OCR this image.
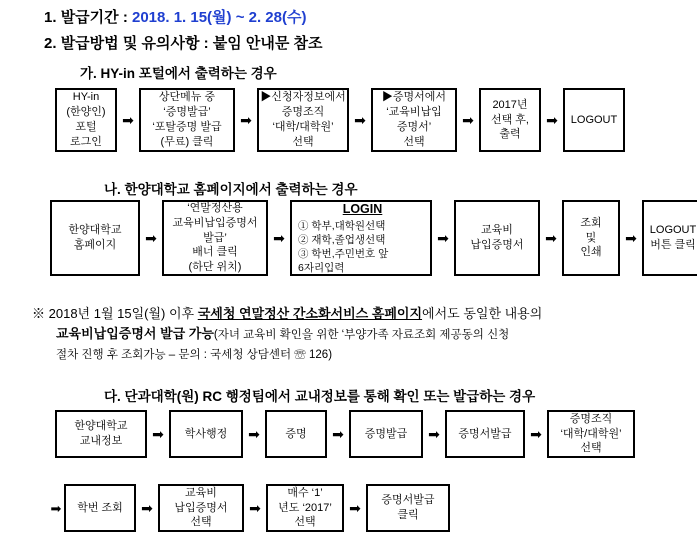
1. 발급기간 : 2018. 1. 15(월) ~ 2. 28(수)
2. 발급방법 및 유의사항 : 붙임 안내문 참조
가. HY-in 포털에서 출력하는 경우
나. 한양대학교 홈페이지에서 출력하는 경우
다. 단과대학(원) RC 행정팀에서 교내정보를 통해 확인 또는 발급하는 경우
HY-in
(한양인)
포털
로그인
➡
상단메뉴 중
‘증명발급’
‘포탈증명 발급
(무료) 클릭
➡
▶신청자정보에서
증명조직
‘대학/대학원’
선택
➡
▶증명서에서
‘교육비납입
증명서’
선택
➡
2017년
선택 후,
출력
➡	LOGOUT
한양대학교
홈페이지	➡
‘연말정산용
교육비납입증명서
발급’
배너 클릭
(하단 위치)
➡
LOGIN
① 학부,대학원선택
② 재학,졸업생선택
③ 학번,주민번호 앞
6자리입력
➡	교육비
납입증명서	➡
조회
및
인쇄
➡	LOGOUT
버튼 클릭
※ 2018년 1월 15일(월) 이후 국세청 연말정산 간소화서비스 홈페이지에서도 동일한 내용의
교육비납입증명서 발급 가능(자녀 교육비 확인을 위한 ‘부양가족 자료조회 제공동의 신청
절차 진행 후 조회가능 – 문의 : 국세청 상담센터 ☏ 126)
한양대학교
교내정보	➡	학사행정	➡	증명	➡	증명발급	➡	증명서발급	➡
증명조직
‘대학/대학원’
선택
➡ 학번 조회	➡
교육비
납입증명서
선택
➡
매수 ‘1’
년도 ‘2017’
선택
➡	증명서발급
클릭
